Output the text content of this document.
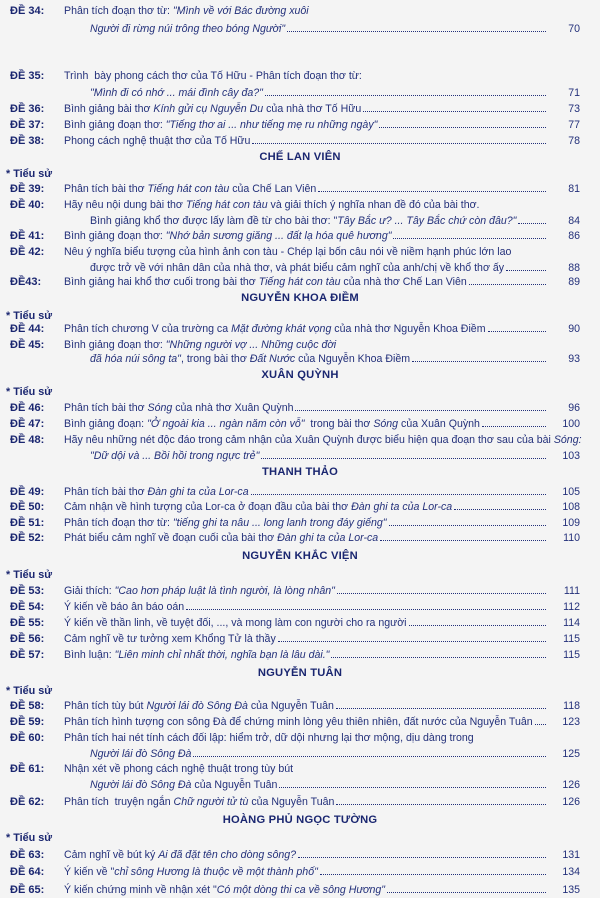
ĐỀ 34: Phân tích đoạn thơ từ: "Mình về với Bác đường xuôi
Người đi rừng núi trông theo bóng Người"	70
ĐỀ 35: Trình  bày phong cách thơ của Tố Hữu - Phân tích đoạn thơ từ:
"Mình đi có nhớ ... mái đình cây đa?"	71
ĐỀ 36: Bình giảng bài thơ Kính gửi cụ Nguyễn Du của nhà thơ Tố Hữu	73
ĐỀ 37: Bình giảng đoạn thơ: "Tiếng thơ ai ... như tiếng mẹ ru những ngày"	77
ĐỀ 38: Phong cách nghệ thuật thơ của Tố Hữu	78
CHẾ LAN VIÊN
* Tiểu sử
ĐỀ 39: Phân tích bài thơ Tiếng hát con tàu của Chế Lan Viên	81
ĐỀ 40: Hãy nêu nội dung bài thơ Tiếng hát con tàu và giải thích ý nghĩa nhan đề đó của bài thơ.
Bình giảng khổ thơ được lấy làm đề từ cho bài thơ: " Tây Bắc ư? ... Tây Bắc chứ còn đâu?"	84
ĐỀ 41: Bình giảng đoạn thơ: "Nhớ bản sương giăng ... đất lạ hóa quê hương"	86
ĐỀ 42: Nêu ý nghĩa biểu tượng của hình ảnh con tàu - Chép lại bốn câu nói về niềm hạnh phúc lớn lao
được trở về với nhân dân của nhà thơ, và phát biểu cảm nghĩ của anh/chị về khổ thơ ấy	88
ĐỀ43: Bình giảng hai khổ thơ cuối trong bài thơ Tiếng hát con tàu của nhà thơ Chế Lan Viên	89
NGUYỄN KHOA ĐIỀM
* Tiểu sử
ĐỀ 44: Phân tích chương V của trường ca Mặt đường khát vọng của nhà thơ Nguyễn Khoa Điềm	90
ĐỀ 45: Bình giảng đoạn thơ: "Những người vợ ... Những cuộc đời
đã hóa núi sông ta" , trong bài thơ Đất Nước của Nguyễn Khoa Điềm	93
XUÂN QUỲNH
* Tiểu sử
ĐỀ 46: Phân tích bài thơ Sóng của nhà thơ Xuân Quỳnh	96
ĐỀ 47: Bình giảng đoạn: "Ở ngoài kia ... ngàn năm còn vỗ" trong bài thơ Sóng của Xuân Quỳnh	100
ĐỀ 48: Hãy nêu những nét độc đáo trong cảm nhận của Xuân Quỳnh được biểu hiện qua đoạn thơ sau của bài Sóng:
"Dữ dội và ... Bồi hồi trong ngực trẻ"	103
THANH THẢO
ĐỀ 49: Phân tích bài thơ Đàn ghi ta của Lor-ca	105
ĐỀ 50: Cảm nhận về hình tượng của Lor-ca ở đoạn đầu của bài thơ Đàn ghi ta của Lor-ca	108
ĐỀ 51: Phân tích đoạn thơ từ: "tiếng ghi ta nâu ... long lanh trong đáy giếng"	109
ĐỀ 52: Phát biểu cảm nghĩ về đoạn cuối của bài thơ Đàn ghi ta của Lor-ca	110
NGUYỄN KHẮC VIỆN
* Tiểu sử
ĐỀ 53: Giải thích: "Cao hơn pháp luật là tình người, là lòng nhân"	111
ĐỀ 54: Ý kiến về báo ân báo oán	112
ĐỀ 55: Ý kiến về thần linh, về tuyệt đối, ..., và mong làm con người cho ra người	114
ĐỀ 56: Cảm nghĩ về tư tưởng xem Khổng Tử là thầy	115
ĐỀ 57: Bình luận: "Liên minh chỉ nhất thời, nghĩa bạn là lâu dài."	115
NGUYỄN TUÂN
* Tiểu sử
ĐỀ 58: Phân tích tùy bút Người lái đò Sông Đà của Nguyễn Tuân	118
ĐỀ 59: Phân tích hình tượng con sông Đà để chứng minh lòng yêu thiên nhiên, đất nước của Nguyễn Tuân	123
ĐỀ 60: Phân tích hai nét tính cách đối lập: hiểm trở, dữ dội nhưng lại thơ mộng, dịu dàng trong
Người lái đò Sông Đà	125
ĐỀ 61: Nhận xét về phong cách nghệ thuật trong tùy bút
Người lái đò Sông Đà của Nguyễn Tuân	126
ĐỀ 62: Phân tích  truyện ngắn Chữ người tử tù của Nguyễn Tuân	126
HOÀNG PHỦ NGỌC TƯỜNG
* Tiểu sử
ĐỀ 63: Cảm nghĩ về bút ký Ai đã đặt tên cho dòng sông?	131
ĐỀ 64: Ý kiến về " chỉ sông Hương là thuộc về một thành phố"	134
ĐỀ 65: Ý kiến chứng minh về nhận xét " Có một dòng thi ca về sông Hương"	135
